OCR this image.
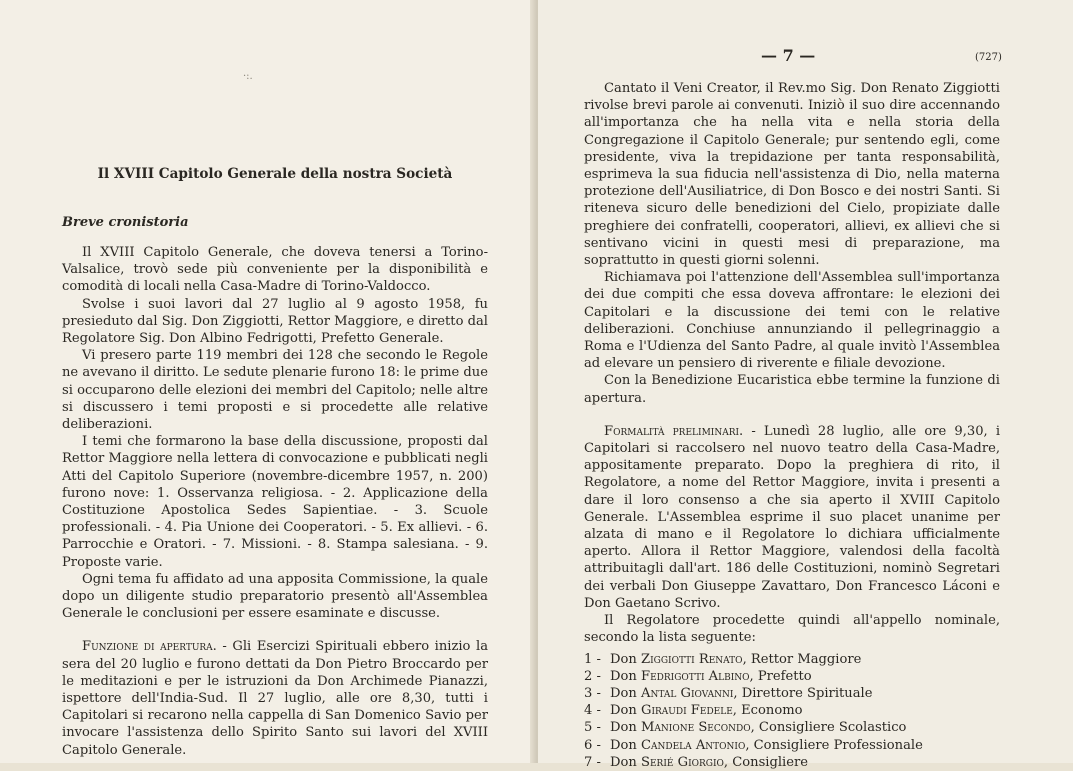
·:.
Il XVIII Capitolo Generale della nostra Società
Breve cronistoria

Il XVIII Capitolo Generale, che doveva tenersi a Torino-Valsalice, trovò sede più conveniente per la disponibilità e comodità di locali nella Casa-Madre di Torino-Valdocco.

Svolse i suoi lavori dal 27 luglio al 9 agosto 1958, fu presieduto dal Sig. Don Ziggiotti, Rettor Maggiore, e diretto dal Regolatore Sig. Don Albino Fedrigotti, Prefetto Generale.

Vi presero parte 119 membri dei 128 che secondo le Regole ne avevano il diritto. Le sedute plenarie furono 18: le prime due si occuparono delle elezioni dei membri del Capitolo; nelle altre si discussero i temi proposti e si procedette alle relative deliberazioni.

I temi che formarono la base della discussione, proposti dal Rettor Maggiore nella lettera di convocazione e pubblicati negli Atti del Capitolo Superiore (novembre-dicembre 1957, n. 200) furono nove: 1. Osservanza religiosa. - 2. Applicazione della Costituzione Apostolica Sedes Sapientiae. - 3. Scuole professionali. - 4. Pia Unione dei Cooperatori. - 5. Ex allievi. - 6. Parrocchie e Oratori. - 7. Missioni. - 8. Stampa salesiana. - 9. Proposte varie.

Ogni tema fu affidato ad una apposita Commissione, la quale dopo un diligente studio preparatorio presentò all'Assemblea Generale le conclusioni per essere esaminate e discusse.

Funzione di apertura. - Gli Esercizi Spirituali ebbero inizio la sera del 20 luglio e furono dettati da Don Pietro Broccardo per le meditazioni e per le istruzioni da Don Archimede Pianazzi, ispettore dell'India-Sud. Il 27 luglio, alle ore 8,30, tutti i Capitolari si recarono nella cappella di San Domenico Savio per invocare l'assistenza dello Spirito Santo sui lavori del XVIII Capitolo Generale.

— 7 —	(727)

Cantato il Veni Creator, il Rev.mo Sig. Don Renato Ziggiotti rivolse brevi parole ai convenuti. Iniziò il suo dire accennando all'importanza che ha nella vita e nella storia della Congregazione il Capitolo Generale; pur sentendo egli, come presidente, viva la trepidazione per tanta responsabilità, esprimeva la sua fiducia nell'assistenza di Dio, nella materna protezione dell'Ausiliatrice, di Don Bosco e dei nostri Santi. Si riteneva sicuro delle benedizioni del Cielo, propiziate dalle preghiere dei confratelli, cooperatori, allievi, ex allievi che si sentivano vicini in questi mesi di preparazione, ma soprattutto in questi giorni solenni.

Richiamava poi l'attenzione dell'Assemblea sull'importanza dei due compiti che essa doveva affrontare: le elezioni dei Capitolari e la discussione dei temi con le relative deliberazioni. Conchiuse annunziando il pellegrinaggio a Roma e l'Udienza del Santo Padre, al quale invitò l'Assemblea ad elevare un pensiero di riverente e filiale devozione.

Con la Benedizione Eucaristica ebbe termine la funzione di apertura.

Formalità preliminari. - Lunedì 28 luglio, alle ore 9,30, i Capitolari si raccolsero nel nuovo teatro della Casa-Madre, appositamente preparato. Dopo la preghiera di rito, il Regolatore, a nome del Rettor Maggiore, invita i presenti a dare il loro consenso a che sia aperto il XVIII Capitolo Generale. L'Assemblea esprime il suo placet unanime per alzata di mano e il Regolatore lo dichiara ufficialmente aperto. Allora il Rettor Maggiore, valendosi della facoltà attribuitagli dall'art. 186 delle Costituzioni, nominò Segretari dei verbali Don Giuseppe Zavattaro, Don Francesco Láconi e Don Gaetano Scrivo.

Il Regolatore procedette quindi all'appello nominale, secondo la lista seguente:

1 - Don
Ziggiotti Renato , Rettor Maggiore
2 - Don
Fedrigotti Albino , Prefetto
3 - Don
Antal Giovanni , Direttore Spirituale
4 - Don
Giraudi Fedele , Economo
5 - Don
Manione Secondo , Consigliere Scolastico
6 - Don
Candela Antonio , Consigliere Professionale
7 - Don
Serié Giorgio , Consigliere
